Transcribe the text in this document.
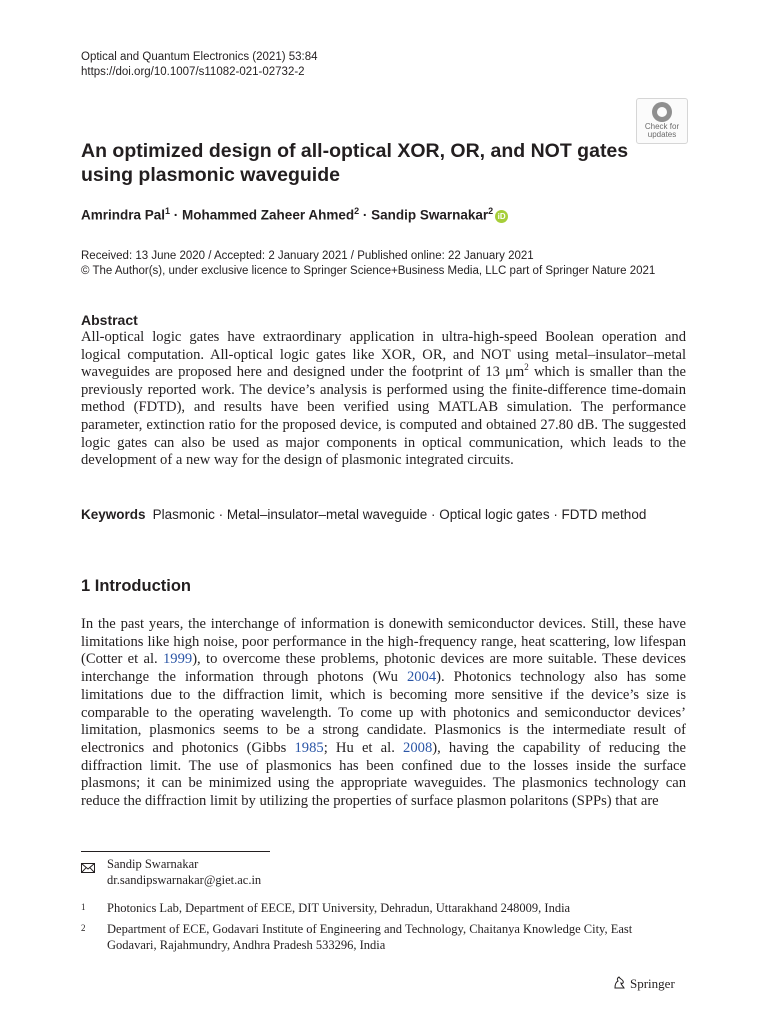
Optical and Quantum Electronics (2021) 53:84
https://doi.org/10.1007/s11082-021-02732-2
Check for
updates
An optimized design of all-optical XOR, OR, and NOT gates using plasmonic waveguide
Amrindra Pal$^1$ · Mohammed Zaheer Ahmed$^2$ · Sandip Swarnakar$^2$ iD
Received: 13 June 2020 / Accepted: 2 January 2021 / Published online: 22 January 2021
© The Author(s), under exclusive licence to Springer Science+Business Media, LLC part of Springer Nature 2021
Abstract
All-optical logic gates have extraordinary application in ultra-high-speed Boolean operation and logical computation. All-optical logic gates like XOR, OR, and NOT using metal–insulator–metal waveguides are proposed here and designed under the footprint of 13 $\mu m^2$ which is smaller than the previously reported work. The device’s analysis is performed using the finite-difference time-domain method (FDTD), and results have been verified using MATLAB simulation. The performance parameter, extinction ratio for the proposed device, is computed and obtained 27.80 dB. The suggested logic gates can also be used as major components in optical communication, which leads to the development of a new way for the design of plasmonic integrated circuits.
Keywords Plasmonic · Metal–insulator–metal waveguide · Optical logic gates · FDTD method
1 Introduction
In the past years, the interchange of information is donewith semiconductor devices. Still, these have limitations like high noise, poor performance in the high-frequency range, heat scattering, low lifespan (Cotter et al. 1999), to overcome these problems, photonic devices are more suitable. These devices interchange the information through photons (Wu 2004). Photonics technology also has some limitations due to the diffraction limit, which is becoming more sensitive if the device’s size is comparable to the operating wavelength. To come up with photonics and semiconductor devices’ limitation, plasmonics seems to be a strong candidate. Plasmonics is the intermediate result of electronics and photonics (Gibbs 1985; Hu et al. 2008), having the capability of reducing the diffraction limit. The use of plasmonics has been confined due to the losses inside the surface plasmons; it can be minimized using the appropriate waveguides. The plasmonics technology can reduce the diffraction limit by utilizing the properties of surface plasmon polaritons (SPPs) that are
Sandip Swarnakar
dr.sandipswarnakar@giet.ac.in
1 Photonics Lab, Department of EECE, DIT University, Dehradun, Uttarakhand 248009, India
2 Department of ECE, Godavari Institute of Engineering and Technology, Chaitanya Knowledge City, East Godavari, Rajahmundry, Andhra Pradesh 533296, India
Springer
